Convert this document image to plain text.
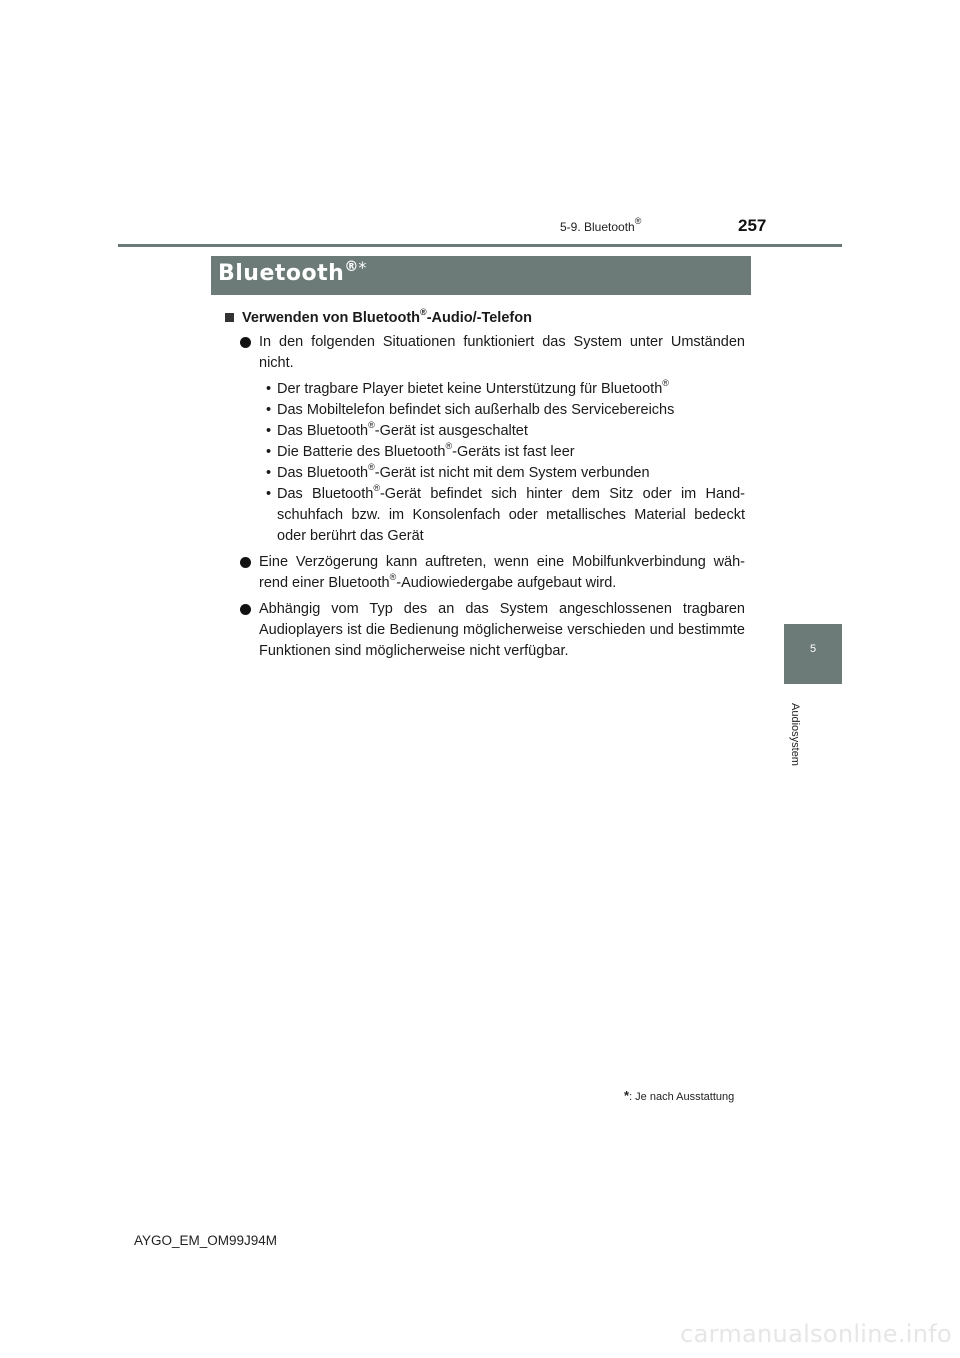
5-9. Bluetooth®	257
Bluetooth®*
Verwenden von Bluetooth®-Audio/-Telefon
In den folgenden Situationen funktioniert das System unter Umständen nicht.
• Der tragbare Player bietet keine Unterstützung für Bluetooth®
• Das Mobiltelefon befindet sich außerhalb des Servicebereichs
• Das Bluetooth®-Gerät ist ausgeschaltet
• Die Batterie des Bluetooth®-Geräts ist fast leer
• Das Bluetooth®-Gerät ist nicht mit dem System verbunden
• Das Bluetooth®-Gerät befindet sich hinter dem Sitz oder im Hand-schuhfach bzw. im Konsolenfach oder metallisches Material bedeckt oder berührt das Gerät
Eine Verzögerung kann auftreten, wenn eine Mobilfunkverbindung wäh-rend einer Bluetooth®-Audiowiedergabe aufgebaut wird.
Abhängig vom Typ des an das System angeschlossenen tragbaren Audioplayers ist die Bedienung möglicherweise verschieden und bestimmte Funktionen sind möglicherweise nicht verfügbar.	5
Audiosystem
*: Je nach Ausstattung
AYGO_EM_OM99J94M
carmanualsonline.info
